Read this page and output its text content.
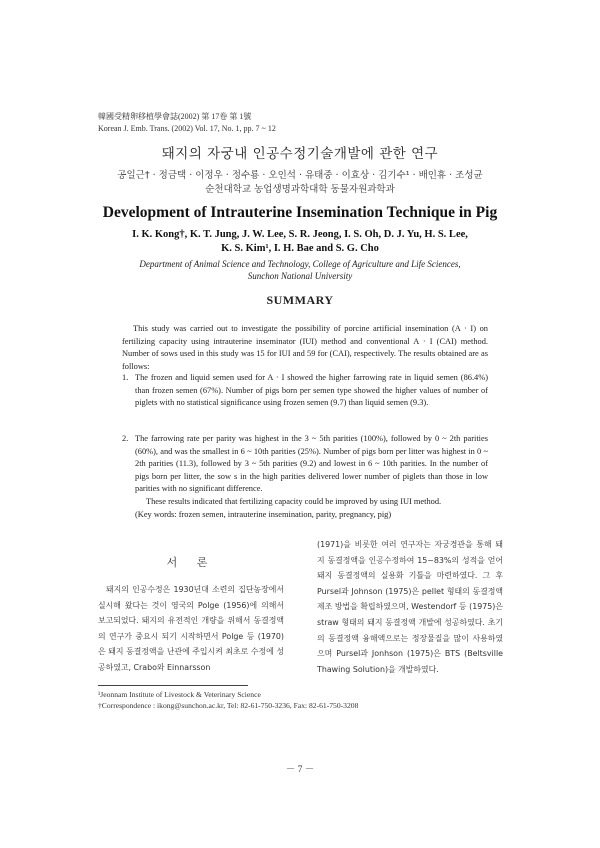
韓國受精卵移植學會誌(2002) 第 17卷 第 1號
Korean J. Emb. Trans. (2002) Vol. 17, No. 1, pp. 7 ~ 12
돼지의 자궁내 인공수정기술개발에 관한 연구
공일근† · 정금택 · 이정우 · 정수룡 · 오인석 · 유태중 · 이효상 · 김기수¹ · 배인휴 · 조성균
순천대학교 농업생명과학대학 동물자원과학과
Development of Intrauterine Insemination Technique in Pig
I. K. Kong†, K. T. Jung, J. W. Lee, S. R. Jeong, I. S. Oh, D. J. Yu, H. S. Lee,
K. S. Kim¹, I. H. Bae and S. G. Cho
Department of Animal Science and Technology, College of Agriculture and Life Sciences,
Sunchon National University
SUMMARY
This study was carried out to investigate the possibility of porcine artificial insemination (A · I) on fertilizing capacity using intrauterine inseminator (IUI) method and conventional A · I (CAI) method. Number of sows used in this study was 15 for IUI and 59 for (CAI), respectively. The results obtained are as follows:
1. The frozen and liquid semen used for A · I showed the higher farrowing rate in liquid semen (86.4%) than frozen semen (67%). Number of pigs born per semen type showed the higher values of number of piglets with no statistical significance using frozen semen (9.7) than liquid semen (9.3).
2. The farrowing rate per parity was highest in the 3 ~ 5th parities (100%), followed by 0 ~ 2th parities (60%), and was the smallest in 6 ~ 10th parities (25%). Number of pigs born per litter was highest in 0 ~ 2th parities (11.3), followed by 3 ~ 5th parities (9.2) and lowest in 6 ~ 10th parities. In the number of pigs born per litter, the sow s in the high parities delivered lower number of piglets than those in low parities with no significant difference.
These results indicated that fertilizing capacity could be improved by using IUI method.
(Key words: frozen semen, intrauterine insemination, parity, pregnancy, pig)
서 론
돼지의 인공수정은 1930년대 소련의 집단농장에서 실시해 왔다는 것이 영국의 Polge (1956)에 의해서 보고되었다. 돼지의 유전적인 개량을 위해서 동결정액의 연구가 중요시 되기 시작하면서 Polge 등 (1970)은 돼지 동결정액을 난관에 주입시켜 최초로 수정에 성공하였고, Crabo와 Einnarsson
(1971)을 비롯한 여러 연구자는 자궁경관을 통해 돼지 동결정액을 인공수정하여 15~83%의 성적을 얻어 돼지 동결정액의 실용화 기틀을 마련하였다. 그 후 Pursel과 Johnson (1975)은 pellet 형태의 동결정액 제조 방법을 확립하였으며, Westendorf 등 (1975)은 straw 형태의 돼지 동결정액 개발에 성공하였다. 초기의 동결정액 융해액으로는 정장물질을 많이 사용하였으며 Pursel과 Jonhson (1975)은 BTS (Beltsville Thawing Solution)을 개발하였다.
¹Jeonnam Institute of Livestock & Veterinary Science
†Correspondence : ikong@sunchon.ac.kr, Tel: 82-61-750-3236, Fax: 82-61-750-3208
－ 7 －
